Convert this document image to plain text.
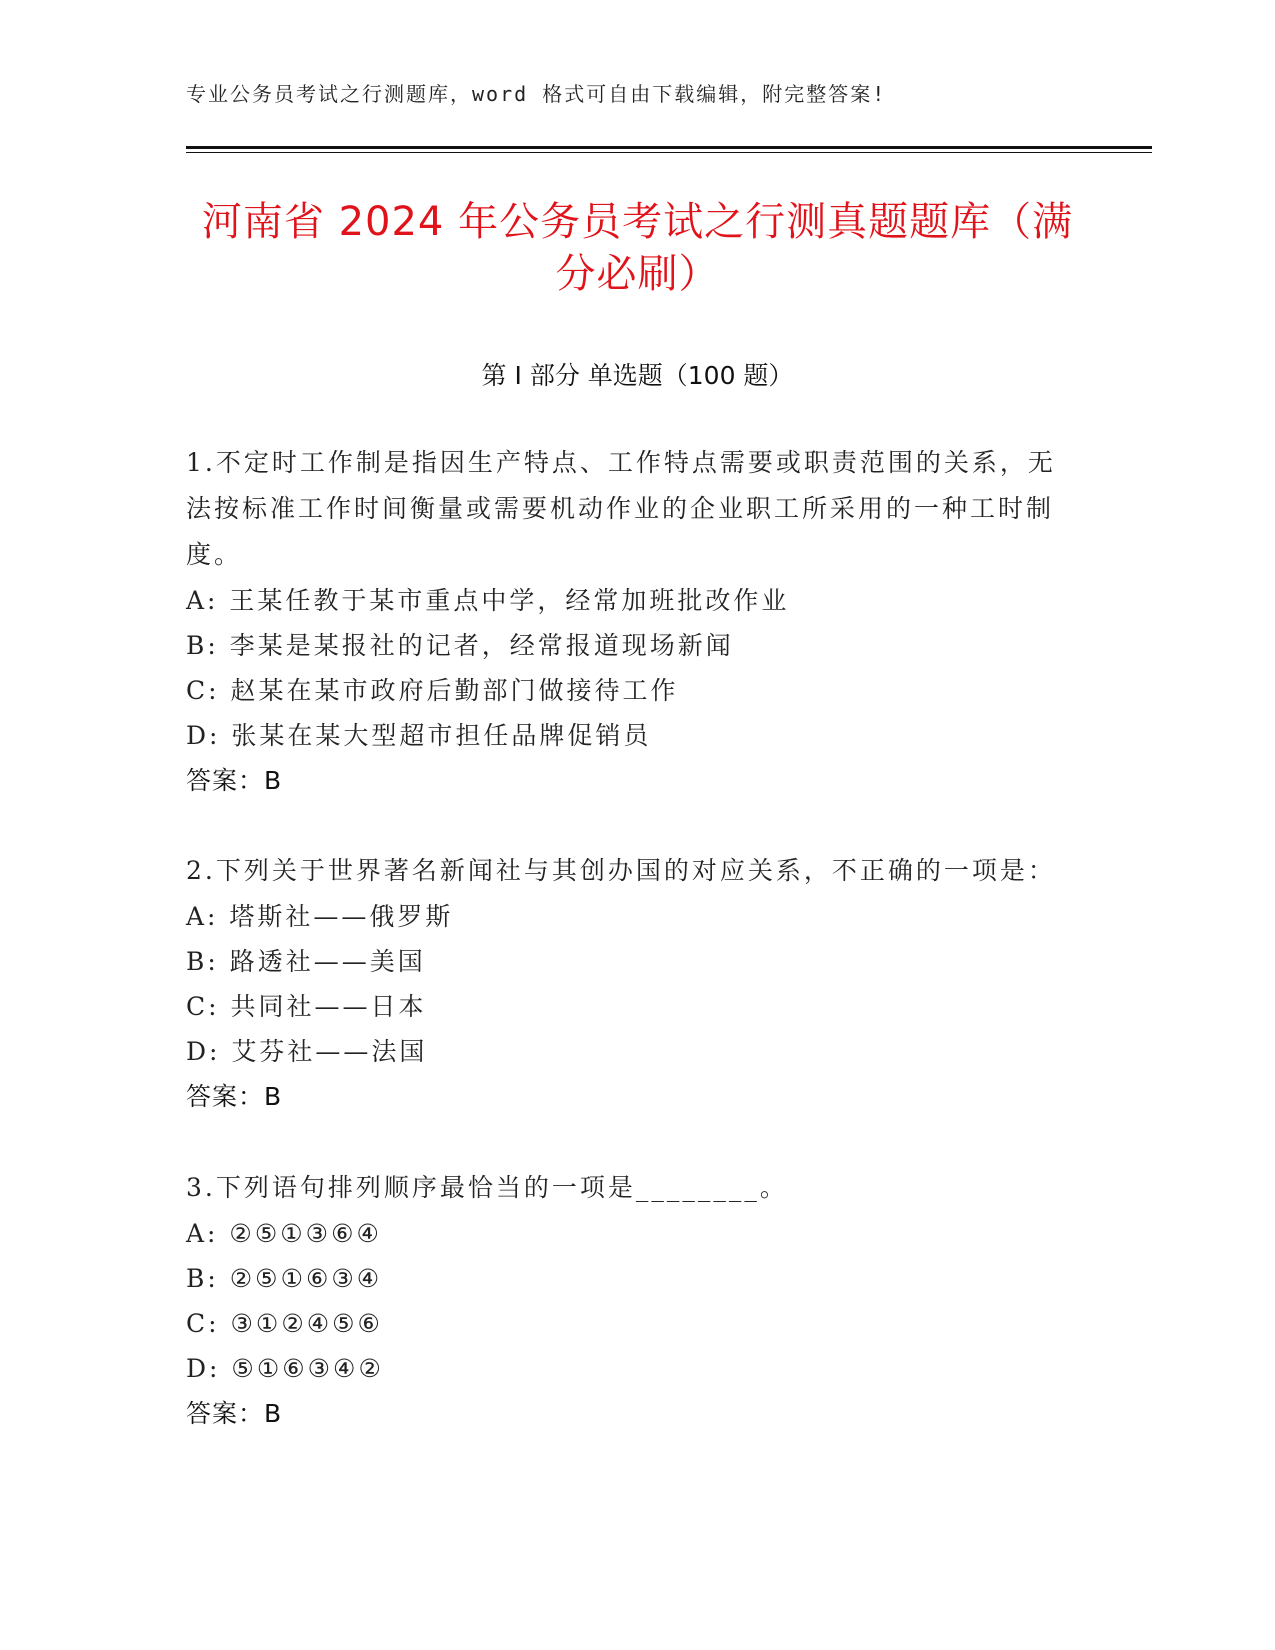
专业公务员考试之行测题库，word 格式可自由下载编辑，附完整答案!
河南省 2024 年公务员考试之行测真题题库（满分必刷）
第 I 部分 单选题（100 题）
1.不定时工作制是指因生产特点、工作特点需要或职责范围的关系，无法按标准工作时间衡量或需要机动作业的企业职工所采用的一种工时制度。
A: 王某任教于某市重点中学，经常加班批改作业
B: 李某是某报社的记者，经常报道现场新闻
C: 赵某在某市政府后勤部门做接待工作
D: 张某在某大型超市担任品牌促销员
答案：B
2.下列关于世界著名新闻社与其创办国的对应关系，不正确的一项是：
A: 塔斯社——俄罗斯
B: 路透社——美国
C: 共同社——日本
D: 艾芬社——法国
答案：B
3.下列语句排列顺序最恰当的一项是________。
A: ②⑤①③⑥④
B: ②⑤①⑥③④
C: ③①②④⑤⑥
D: ⑤①⑥③④②
答案：B
